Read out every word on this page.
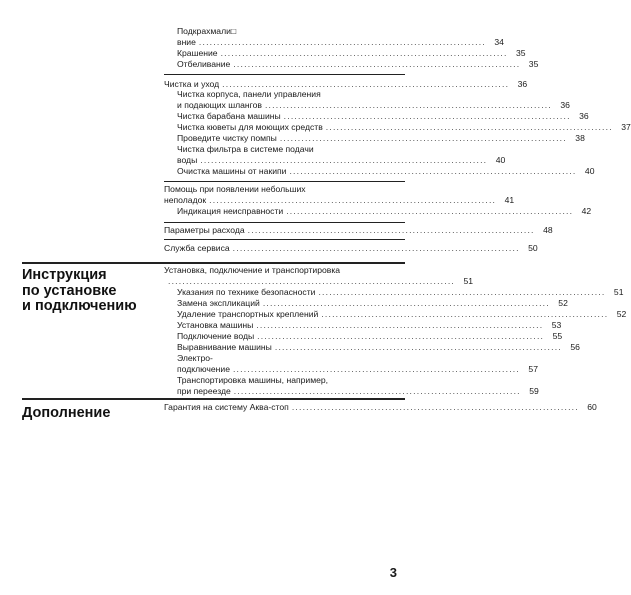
Инструкция
по установке
и подключению
Дополнение
Подкрахмали□
вние ................................................................................ 34
Крашение ................................................................................ 35
Отбеливание ................................................................................ 35
Чистка и уход ................................................................................ 36
Чистка корпуса, панели управления
и подающих шлангов ................................................................................ 36
Чистка барабана машины ................................................................................ 36
Чистка кюветы для моющих средств ................................................................................ 37
Проведите чистку помпы ................................................................................ 38
Чистка фильтра в системе подачи
воды ................................................................................ 40
Очистка машины от накипи ................................................................................ 40
Помощь при появлении небольших
неполадок ................................................................................ 41
Индикация неисправности ................................................................................ 42
Параметры расхода ................................................................................ 48
Служба сервиса ................................................................................ 50
Установка, подключение и транспортировка
................................................................................ 51
Указания по технике безопасности ................................................................................ 51
Замена экспликаций ................................................................................ 52
Удаление транспортных креплений ................................................................................ 52
Установка машины ................................................................................ 53
Подключение воды ................................................................................ 55
Выравнивание машины ................................................................................ 56
Электро-
подключение ................................................................................ 57
Транспортировка машины, например,
при переезде ................................................................................ 59
Гарантия на систему Аква-стоп ................................................................................ 60
3
